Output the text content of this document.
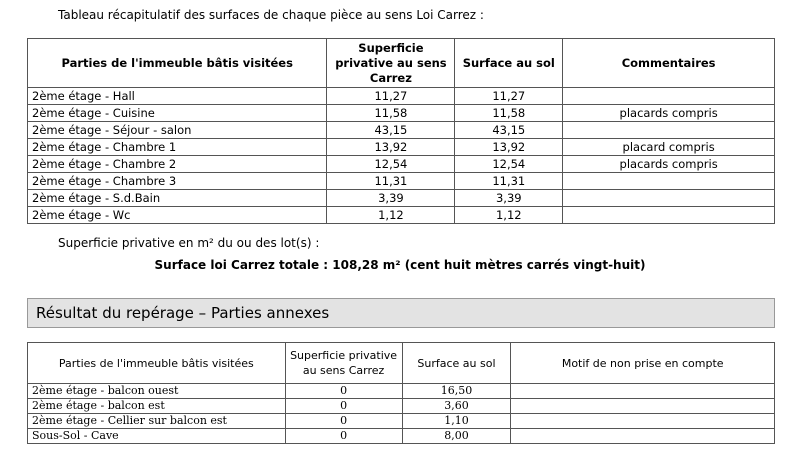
Tableau récapitulatif des surfaces de chaque pièce au sens Loi Carrez :
Parties de l'immeuble bâtis visitées	Superficie privative au sens Carrez	Surface au sol	Commentaires
2ème étage - Hall	11,27	11,27	
2ème étage - Cuisine	11,58	11,58	placards compris
2ème étage - Séjour - salon	43,15	43,15	
2ème étage - Chambre 1	13,92	13,92	placard compris
2ème étage - Chambre 2	12,54	12,54	placards compris
2ème étage - Chambre 3	11,31	11,31	
2ème étage - S.d.Bain	3,39	3,39	
2ème étage - Wc	1,12	1,12	
Superficie privative en m² du ou des lot(s) :
Surface loi Carrez totale : 108,28 m² (cent huit mètres carrés vingt-huit)
Résultat du repérage – Parties annexes
Parties de l'immeuble bâtis visitées	Superficie privative au sens Carrez	Surface au sol	Motif de non prise en compte
2ème étage - balcon ouest	0	16,50	
2ème étage - balcon est	0	3,60	
2ème étage - Cellier sur balcon est	0	1,10	
Sous-Sol - Cave	0	8,00	
